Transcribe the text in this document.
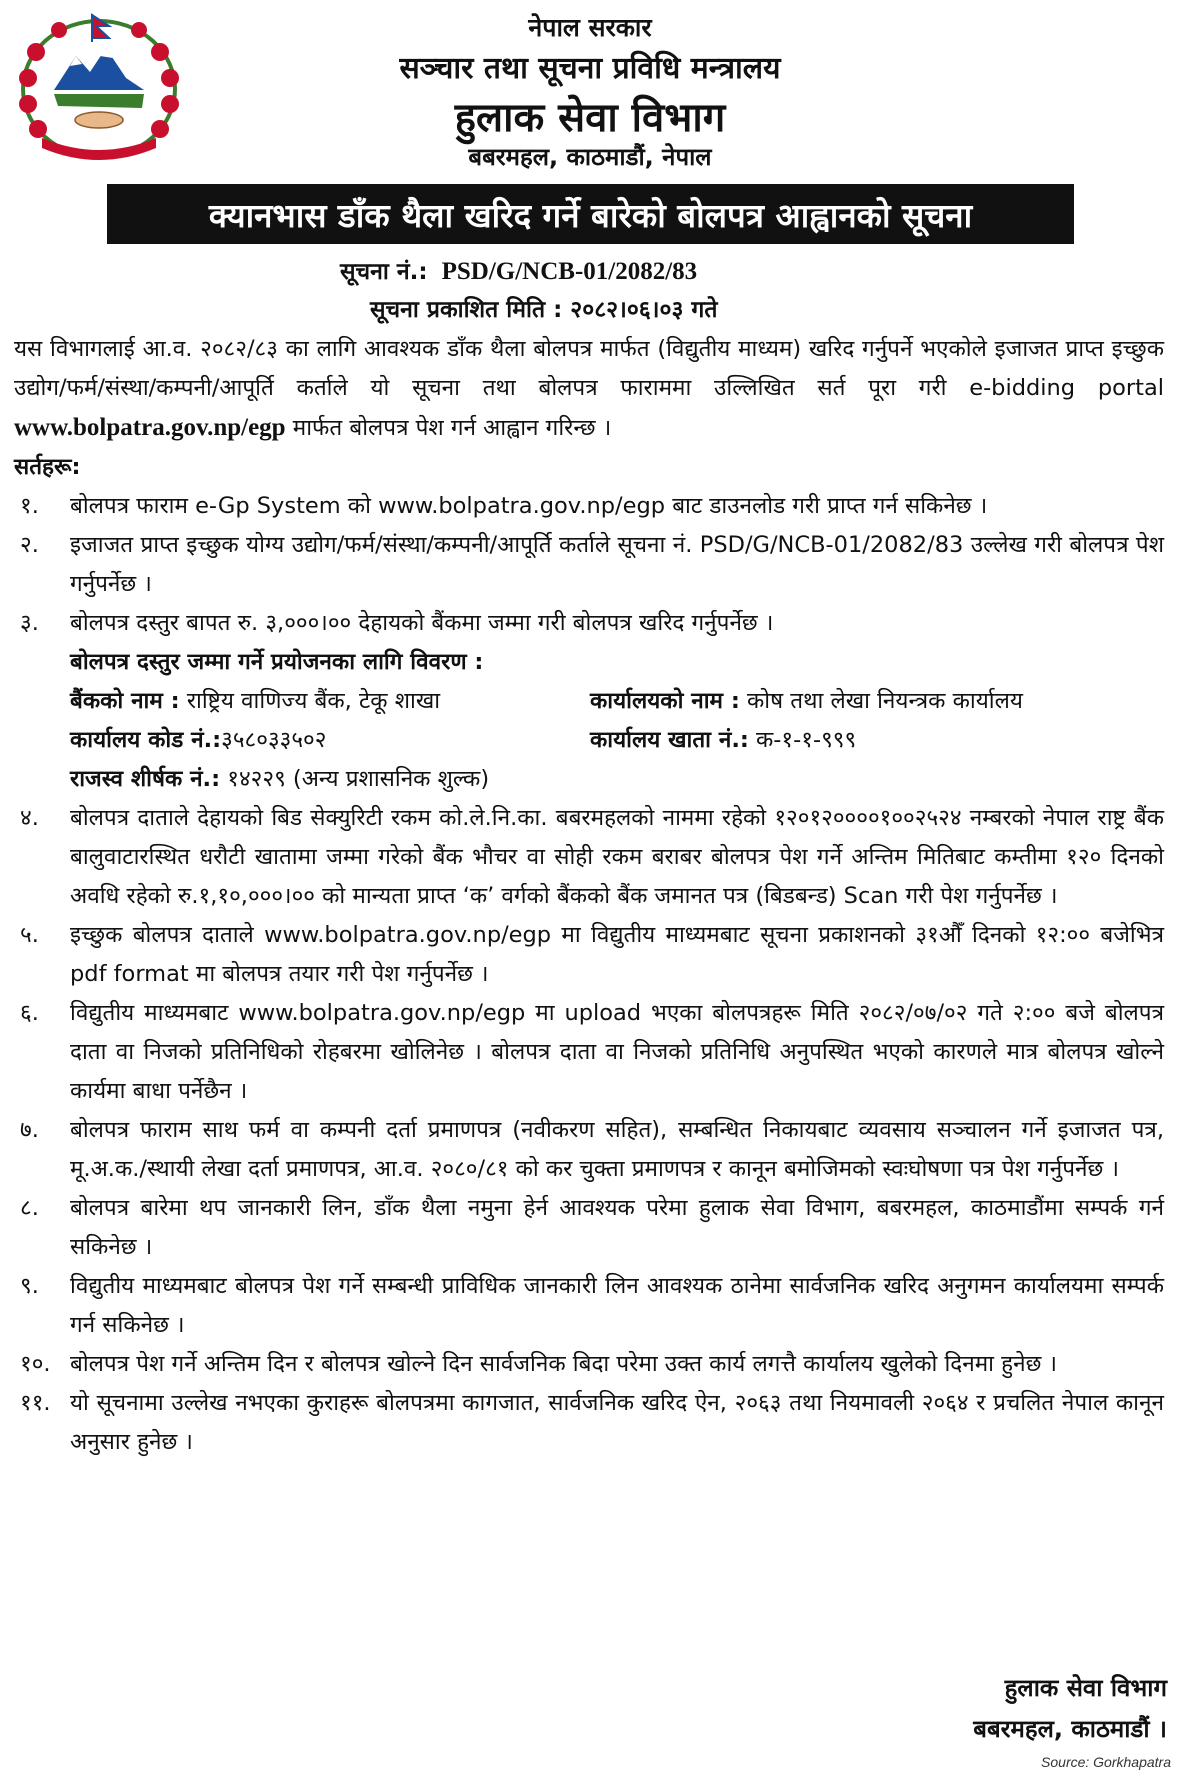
नेपाल सरकार
सञ्चार तथा सूचना प्रविधि मन्त्रालय
हुलाक सेवा विभाग
बबरमहल, काठमाडौं, नेपाल
क्यानभास डाँक थैला खरिद गर्ने बारेको बोलपत्र आह्वानको सूचना
सूचना नं.: PSD/G/NCB-01/2082/83
सूचना प्रकाशित मिति : २०८२।०६।०३ गते
यस विभागलाई आ.व. २०८२/८३ का लागि आवश्यक डाँक थैला बोलपत्र मार्फत (विद्युतीय माध्यम) खरिद गर्नुपर्ने भएकोले इजाजत प्राप्त इच्छुक उद्योग/फर्म/संस्था/कम्पनी/आपूर्ति कर्ताले यो सूचना तथा बोलपत्र फाराममा उल्लिखित सर्त पूरा गरी e-bidding portal www.bolpatra.gov.np/egp मार्फत बोलपत्र पेश गर्न आह्वान गरिन्छ ।
सर्तहरू:
१. बोलपत्र फाराम e-Gp System को www.bolpatra.gov.np/egp बाट डाउनलोड गरी प्राप्त गर्न सकिनेछ ।
२. इजाजत प्राप्त इच्छुक योग्य उद्योग/फर्म/संस्था/कम्पनी/आपूर्ति कर्ताले सूचना नं. PSD/G/NCB-01/2082/83 उल्लेख गरी बोलपत्र पेश गर्नुपर्नेछ ।
३. बोलपत्र दस्तुर बापत रु. ३,०००।०० देहायको बैंकमा जम्मा गरी बोलपत्र खरिद गर्नुपर्नेछ ।
बोलपत्र दस्तुर जम्मा गर्ने प्रयोजनका लागि विवरण :
बैंकको नाम : राष्ट्रिय वाणिज्य बैंक, टेकू शाखा	कार्यालयको नाम : कोष तथा लेखा नियन्त्रक कार्यालय
कार्यालय कोड नं.:३५८०३३५०२	कार्यालय खाता नं.: क-१-१-९९९
राजस्व शीर्षक नं.: १४२२९ (अन्य प्रशासनिक शुल्क)
४. बोलपत्र दाताले देहायको बिड सेक्युरिटी रकम को.ले.नि.का. बबरमहलको नाममा रहेको १२०१२००००१००२५२४ नम्बरको नेपाल राष्ट्र बैंक बालुवाटारस्थित धरौटी खातामा जम्मा गरेको बैंक भौचर वा सोही रकम बराबर बोलपत्र पेश गर्ने अन्तिम मितिबाट कम्तीमा १२० दिनको अवधि रहेको रु.१,१०,०००।०० को मान्यता प्राप्त ‘क’ वर्गको बैंकको बैंक जमानत पत्र (बिडबन्ड) Scan गरी पेश गर्नुपर्नेछ ।
५. इच्छुक बोलपत्र दाताले www.bolpatra.gov.np/egp मा विद्युतीय माध्यमबाट सूचना प्रकाशनको ३१औँ दिनको १२:०० बजेभित्र pdf format मा बोलपत्र तयार गरी पेश गर्नुपर्नेछ ।
६. विद्युतीय माध्यमबाट www.bolpatra.gov.np/egp मा upload भएका बोलपत्रहरू मिति २०८२/०७/०२ गते २:०० बजे बोलपत्र दाता वा निजको प्रतिनिधिको रोहबरमा खोलिनेछ । बोलपत्र दाता वा निजको प्रतिनिधि अनुपस्थित भएको कारणले मात्र बोलपत्र खोल्ने कार्यमा बाधा पर्नेछैन ।
७. बोलपत्र फाराम साथ फर्म वा कम्पनी दर्ता प्रमाणपत्र (नवीकरण सहित), सम्बन्धित निकायबाट व्यवसाय सञ्चालन गर्ने इजाजत पत्र, मू.अ.क./स्थायी लेखा दर्ता प्रमाणपत्र, आ.व. २०८०/८१ को कर चुक्ता प्रमाणपत्र र कानून बमोजिमको स्वःघोषणा पत्र पेश गर्नुपर्नेछ ।
८. बोलपत्र बारेमा थप जानकारी लिन, डाँक थैला नमुना हेर्न आवश्यक परेमा हुलाक सेवा विभाग, बबरमहल, काठमाडौंमा सम्पर्क गर्न सकिनेछ ।
९. विद्युतीय माध्यमबाट बोलपत्र पेश गर्ने सम्बन्धी प्राविधिक जानकारी लिन आवश्यक ठानेमा सार्वजनिक खरिद अनुगमन कार्यालयमा सम्पर्क गर्न सकिनेछ ।
१०. बोलपत्र पेश गर्ने अन्तिम दिन र बोलपत्र खोल्ने दिन सार्वजनिक बिदा परेमा उक्त कार्य लगत्तै कार्यालय खुलेको दिनमा हुनेछ ।
११. यो सूचनामा उल्लेख नभएका कुराहरू बोलपत्रमा कागजात, सार्वजनिक खरिद ऐन, २०६३ तथा नियमावली २०६४ र प्रचलित नेपाल कानून अनुसार हुनेछ ।
हुलाक सेवा विभाग
बबरमहल, काठमाडौं ।
Source: Gorkhapatra
